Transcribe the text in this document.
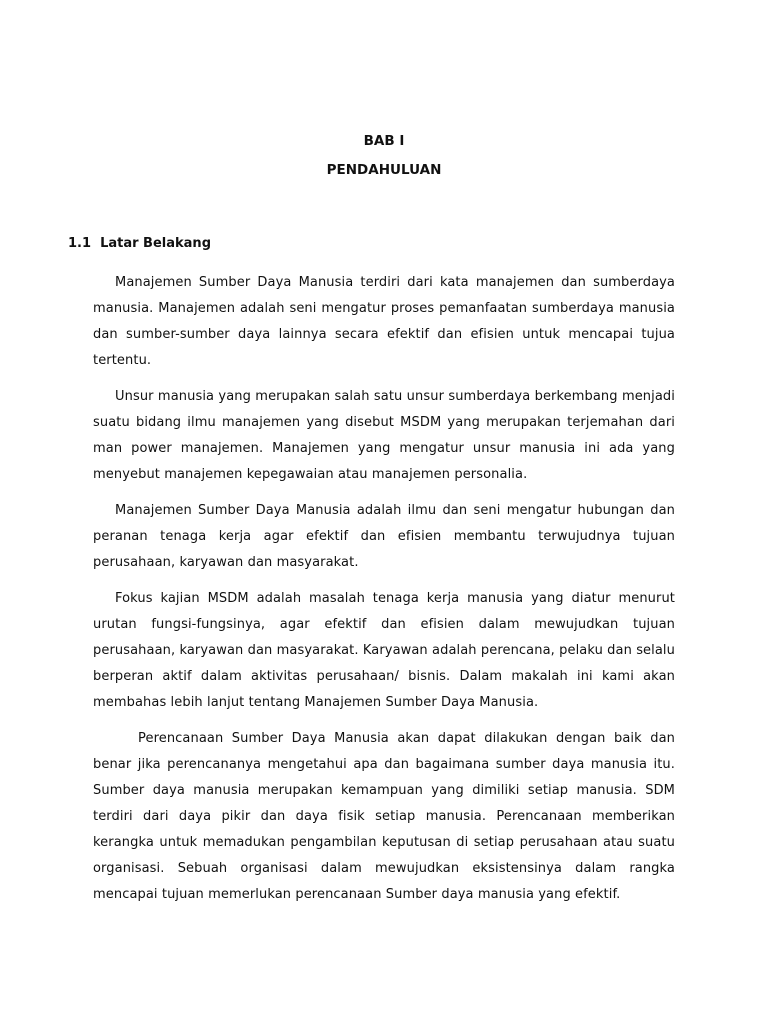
BAB I
PENDAHULUAN
1.1  Latar Belakang

Manajemen Sumber Daya Manusia terdiri dari kata manajemen dan sumberdaya manusia. Manajemen adalah seni mengatur proses pemanfaatan sumberdaya manusia dan sumber-sumber daya lainnya secara efektif dan efisien untuk mencapai tujua tertentu.

Unsur manusia yang merupakan salah satu unsur sumberdaya berkembang menjadi suatu bidang ilmu manajemen yang disebut MSDM yang merupakan terjemahan dari man power manajemen. Manajemen yang mengatur unsur manusia ini ada yang menyebut manajemen kepegawaian atau manajemen personalia.

Manajemen Sumber Daya Manusia adalah ilmu dan seni mengatur hubungan dan peranan tenaga kerja agar efektif dan efisien membantu terwujudnya tujuan perusahaan, karyawan dan masyarakat.

Fokus kajian MSDM adalah masalah tenaga kerja manusia yang diatur menurut urutan fungsi-fungsinya, agar efektif dan efisien dalam mewujudkan tujuan perusahaan, karyawan dan masyarakat. Karyawan adalah perencana, pelaku dan selalu berperan aktif dalam aktivitas perusahaan/ bisnis. Dalam makalah ini kami akan membahas lebih lanjut tentang Manajemen Sumber Daya Manusia.

Perencanaan Sumber Daya Manusia akan dapat dilakukan dengan baik dan benar jika perencananya mengetahui apa dan bagaimana sumber daya manusia itu. Sumber daya manusia merupakan kemampuan yang dimiliki setiap manusia. SDM terdiri dari daya pikir dan daya fisik setiap manusia. Perencanaan memberikan kerangka untuk memadukan pengambilan keputusan di setiap perusahaan atau suatu organisasi. Sebuah organisasi dalam mewujudkan eksistensinya dalam rangka mencapai tujuan memerlukan perencanaan Sumber daya manusia yang efektif.
